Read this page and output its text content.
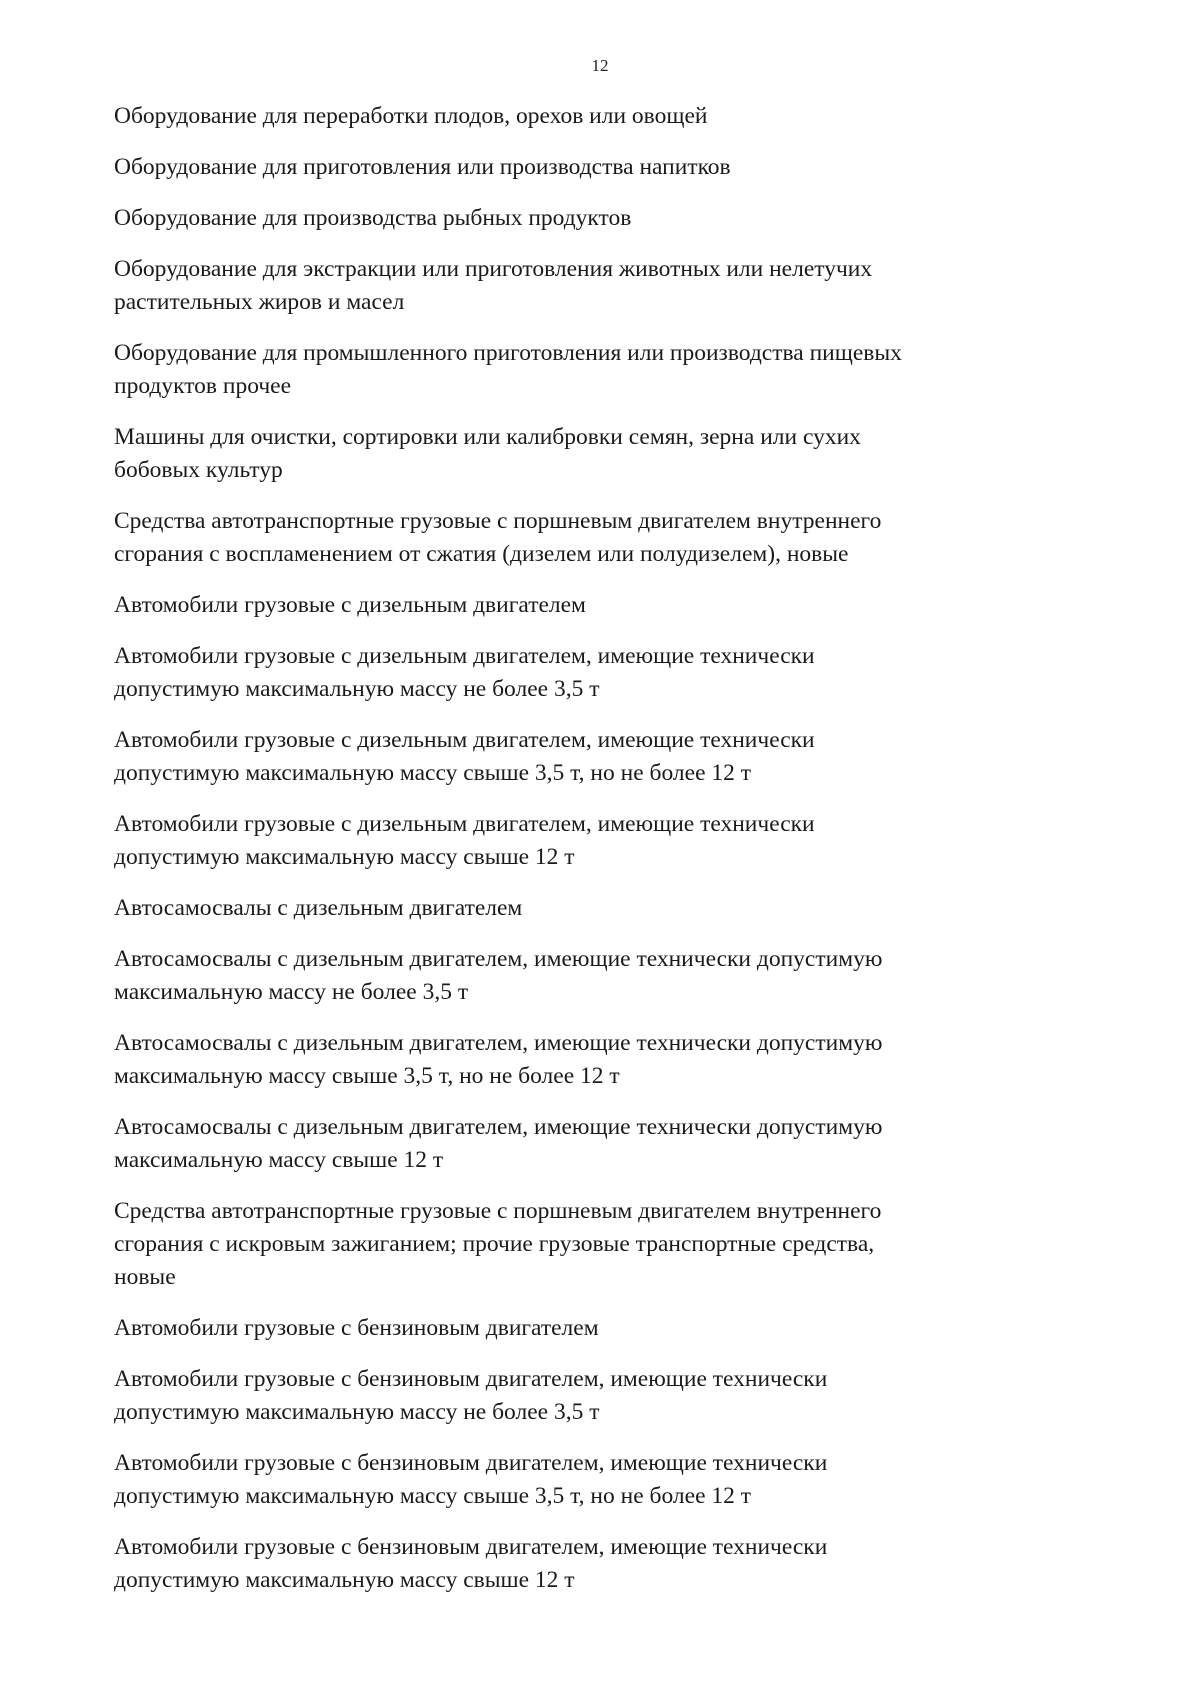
12
Оборудование для переработки плодов, орехов или овощей
Оборудование для приготовления или производства напитков
Оборудование для производства рыбных продуктов
Оборудование для экстракции или приготовления животных или нелетучих
растительных жиров и масел
Оборудование для промышленного приготовления или производства пищевых
продуктов прочее
Машины для очистки, сортировки или калибровки семян, зерна или сухих
бобовых культур
Средства автотранспортные грузовые с поршневым двигателем внутреннего
сгорания с воспламенением от сжатия (дизелем или полудизелем), новые
Автомобили грузовые с дизельным двигателем
Автомобили грузовые с дизельным двигателем, имеющие технически
допустимую максимальную массу не более 3,5 т
Автомобили грузовые с дизельным двигателем, имеющие технически
допустимую максимальную массу свыше 3,5 т, но не более 12 т
Автомобили грузовые с дизельным двигателем, имеющие технически
допустимую максимальную массу свыше 12 т
Автосамосвалы с дизельным двигателем
Автосамосвалы с дизельным двигателем, имеющие технически допустимую
максимальную массу не более 3,5 т
Автосамосвалы с дизельным двигателем, имеющие технически допустимую
максимальную массу свыше 3,5 т, но не более 12 т
Автосамосвалы с дизельным двигателем, имеющие технически допустимую
максимальную массу свыше 12 т
Средства автотранспортные грузовые с поршневым двигателем внутреннего
сгорания с искровым зажиганием; прочие грузовые транспортные средства,
новые
Автомобили грузовые с бензиновым двигателем
Автомобили грузовые с бензиновым двигателем, имеющие технически
допустимую максимальную массу не более 3,5 т
Автомобили грузовые с бензиновым двигателем, имеющие технически
допустимую максимальную массу свыше 3,5 т, но не более 12 т
Автомобили грузовые с бензиновым двигателем, имеющие технически
допустимую максимальную массу свыше 12 т
